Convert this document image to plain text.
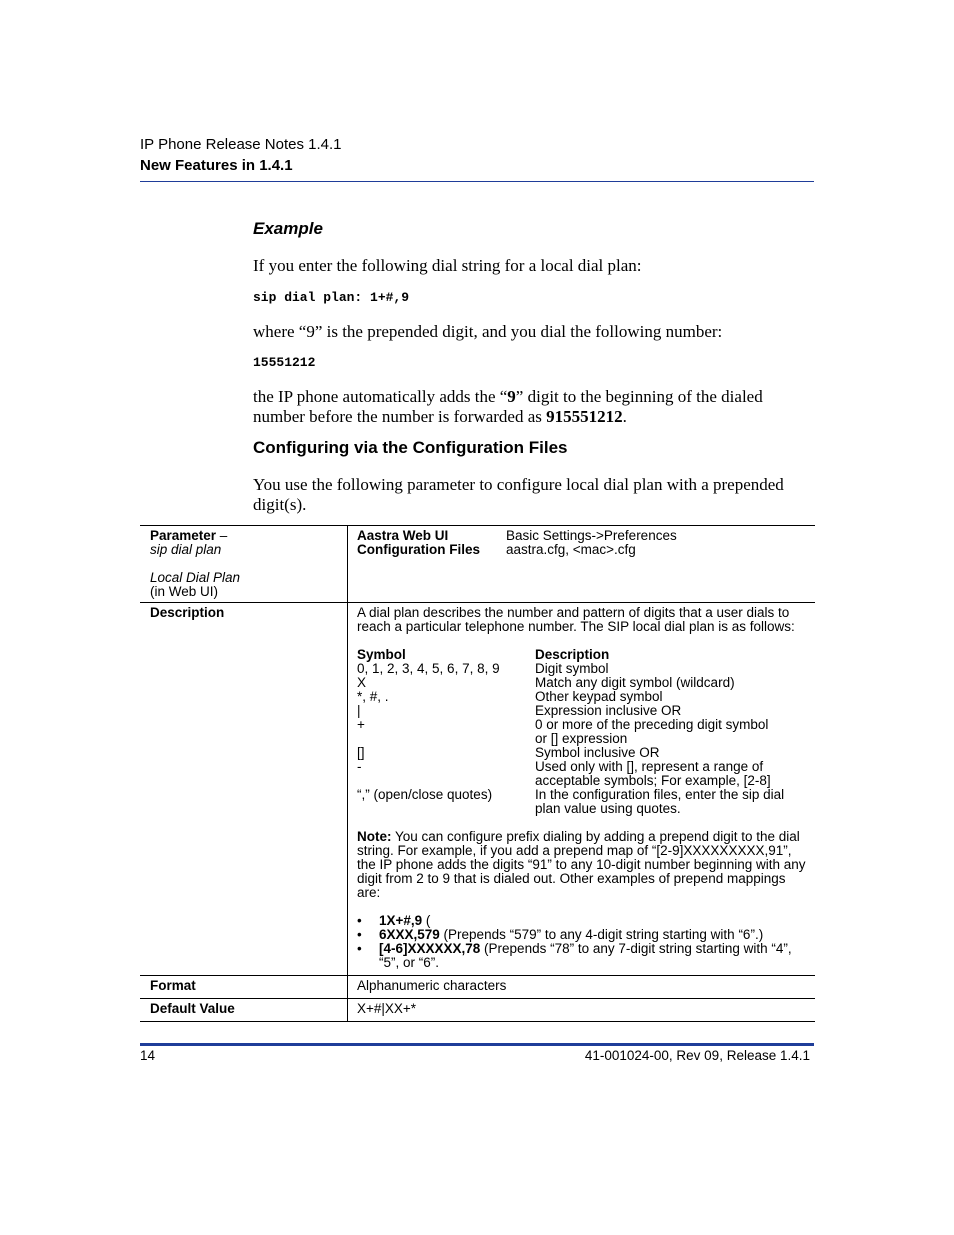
IP Phone Release Notes 1.4.1
New Features in 1.4.1
Example
If you enter the following dial string for a local dial plan:
sip dial plan: 1+#,9
where “9” is the prepended digit, and you dial the following number:
15551212
the IP phone automatically adds the “9” digit to the beginning of the dialed number before the number is forwarded as 915551212.
Configuring via the Configuration Files
You use the following parameter to configure local dial plan with a prepended digit(s).
Parameter –
sip dial plan
Local Dial Plan
(in Web UI)
Aastra Web UI	Basic Settings->Preferences
Configuration Files	aastra.cfg, <mac>.cfg
Description	A dial plan describes the number and pattern of digits that a user dials to reach a particular telephone number. The SIP local dial plan is as follows:
Symbol	Description
0, 1, 2, 3, 4, 5, 6, 7, 8, 9	Digit symbol
X	Match any digit symbol (wildcard)
*, #, .	Other keypad symbol
|	Expression inclusive OR
+	0 or more of the preceding digit symbol
or [] expression
[]	Symbol inclusive OR
-	Used only with [], represent a range of
acceptable symbols; For example, [2-8]
“,” (open/close quotes)	In the configuration files, enter the sip dial
plan value using quotes.
Note: You can configure prefix dialing by adding a prepend digit to the dial string. For example, if you add a prepend map of “[2-9]XXXXXXXXX,91”, the IP phone adds the digits “91” to any 10-digit number beginning with any digit from 2 to 9 that is dialed out. Other examples of prepend mappings are:
•	1X+#,9 (
•	6XXX,579 (Prepends “579” to any 4-digit string starting with “6”.)
•	[4-6]XXXXXX,78 (Prepends “78” to any 7-digit string starting with “4”, “5”, or “6”.
Format	Alphanumeric characters
Default Value	X+#|XX+*
14	41-001024-00, Rev 09, Release 1.4.1
